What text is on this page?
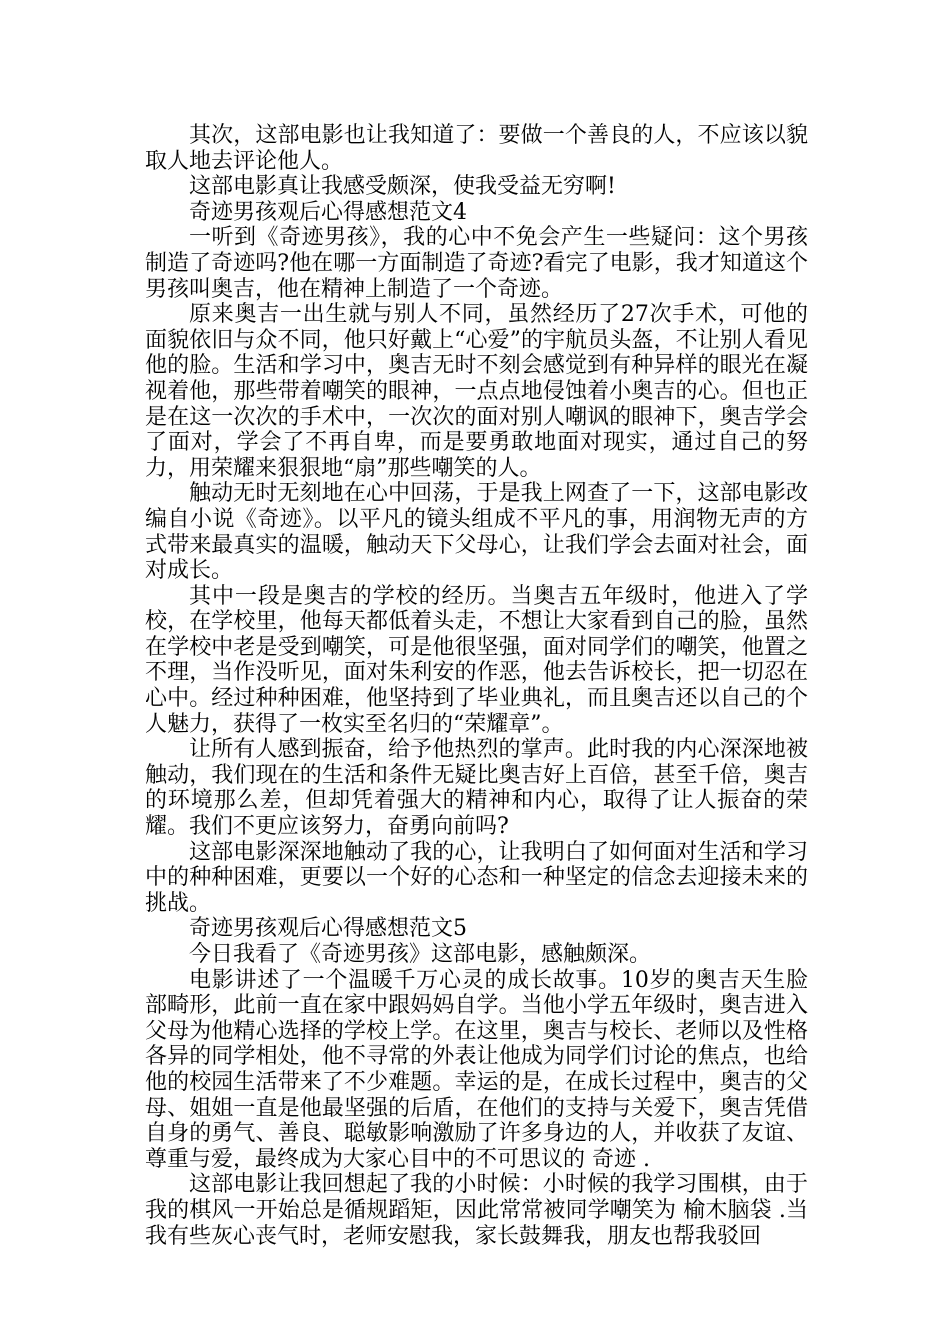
其次，这部电影也让我知道了：要做一个善良的人，不应该以貌取人地去评论他人。

这部电影真让我感受颇深，使我受益无穷啊!

奇迹男孩观后心得感想范文4

一听到《奇迹男孩》，我的心中不免会产生一些疑问：这个男孩制造了奇迹吗?他在哪一方面制造了奇迹?看完了电影，我才知道这个男孩叫奥吉，他在精神上制造了一个奇迹。

原来奥吉一出生就与别人不同，虽然经历了27次手术，可他的面貌依旧与众不同，他只好戴上“心爱”的宇航员头盔，不让别人看见他的脸。生活和学习中，奥吉无时不刻会感觉到有种异样的眼光在凝视着他，那些带着嘲笑的眼神，一点点地侵蚀着小奥吉的心。但也正是在这一次次的手术中，一次次的面对别人嘲讽的眼神下，奥吉学会了面对，学会了不再自卑，而是要勇敢地面对现实，通过自己的努力，用荣耀来狠狠地“扇”那些嘲笑的人。

触动无时无刻地在心中回荡，于是我上网查了一下，这部电影改编自小说《奇迹》。以平凡的镜头组成不平凡的事，用润物无声的方式带来最真实的温暖，触动天下父母心，让我们学会去面对社会，面对成长。

其中一段是奥吉的学校的经历。当奥吉五年级时，他进入了学校，在学校里，他每天都低着头走，不想让大家看到自己的脸，虽然在学校中老是受到嘲笑，可是他很坚强，面对同学们的嘲笑，他置之不理，当作没听见，面对朱利安的作恶，他去告诉校长，把一切忍在心中。经过种种困难，他坚持到了毕业典礼，而且奥吉还以自己的个人魅力，获得了一枚实至名归的“荣耀章”。

让所有人感到振奋，给予他热烈的掌声。此时我的内心深深地被触动，我们现在的生活和条件无疑比奥吉好上百倍，甚至千倍，奥吉的环境那么差，但却凭着强大的精神和内心，取得了让人振奋的荣耀。我们不更应该努力，奋勇向前吗?

这部电影深深地触动了我的心，让我明白了如何面对生活和学习中的种种困难，更要以一个好的心态和一种坚定的信念去迎接未来的挑战。

奇迹男孩观后心得感想范文5

今日我看了《奇迹男孩》这部电影，感触颇深。

电影讲述了一个温暖千万心灵的成长故事。10岁的奥吉天生脸部畸形，此前一直在家中跟妈妈自学。当他小学五年级时，奥吉进入父母为他精心选择的学校上学。在这里，奥吉与校长、老师以及性格各异的同学相处，他不寻常的外表让他成为同学们讨论的焦点，也给他的校园生活带来了不少难题。幸运的是，在成长过程中，奥吉的父母、姐姐一直是他最坚强的后盾，在他们的支持与关爱下，奥吉凭借自身的勇气、善良、聪敏影响激励了许多身边的人，并收获了友谊、尊重与爱，最终成为大家心目中的不可思议的 奇迹 .

这部电影让我回想起了我的小时候：小时候的我学习围棋，由于我的棋风一开始总是循规蹈矩，因此常常被同学嘲笑为 榆木脑袋 .当我有些灰心丧气时，老师安慰我，家长鼓舞我，朋友也帮我驳回
